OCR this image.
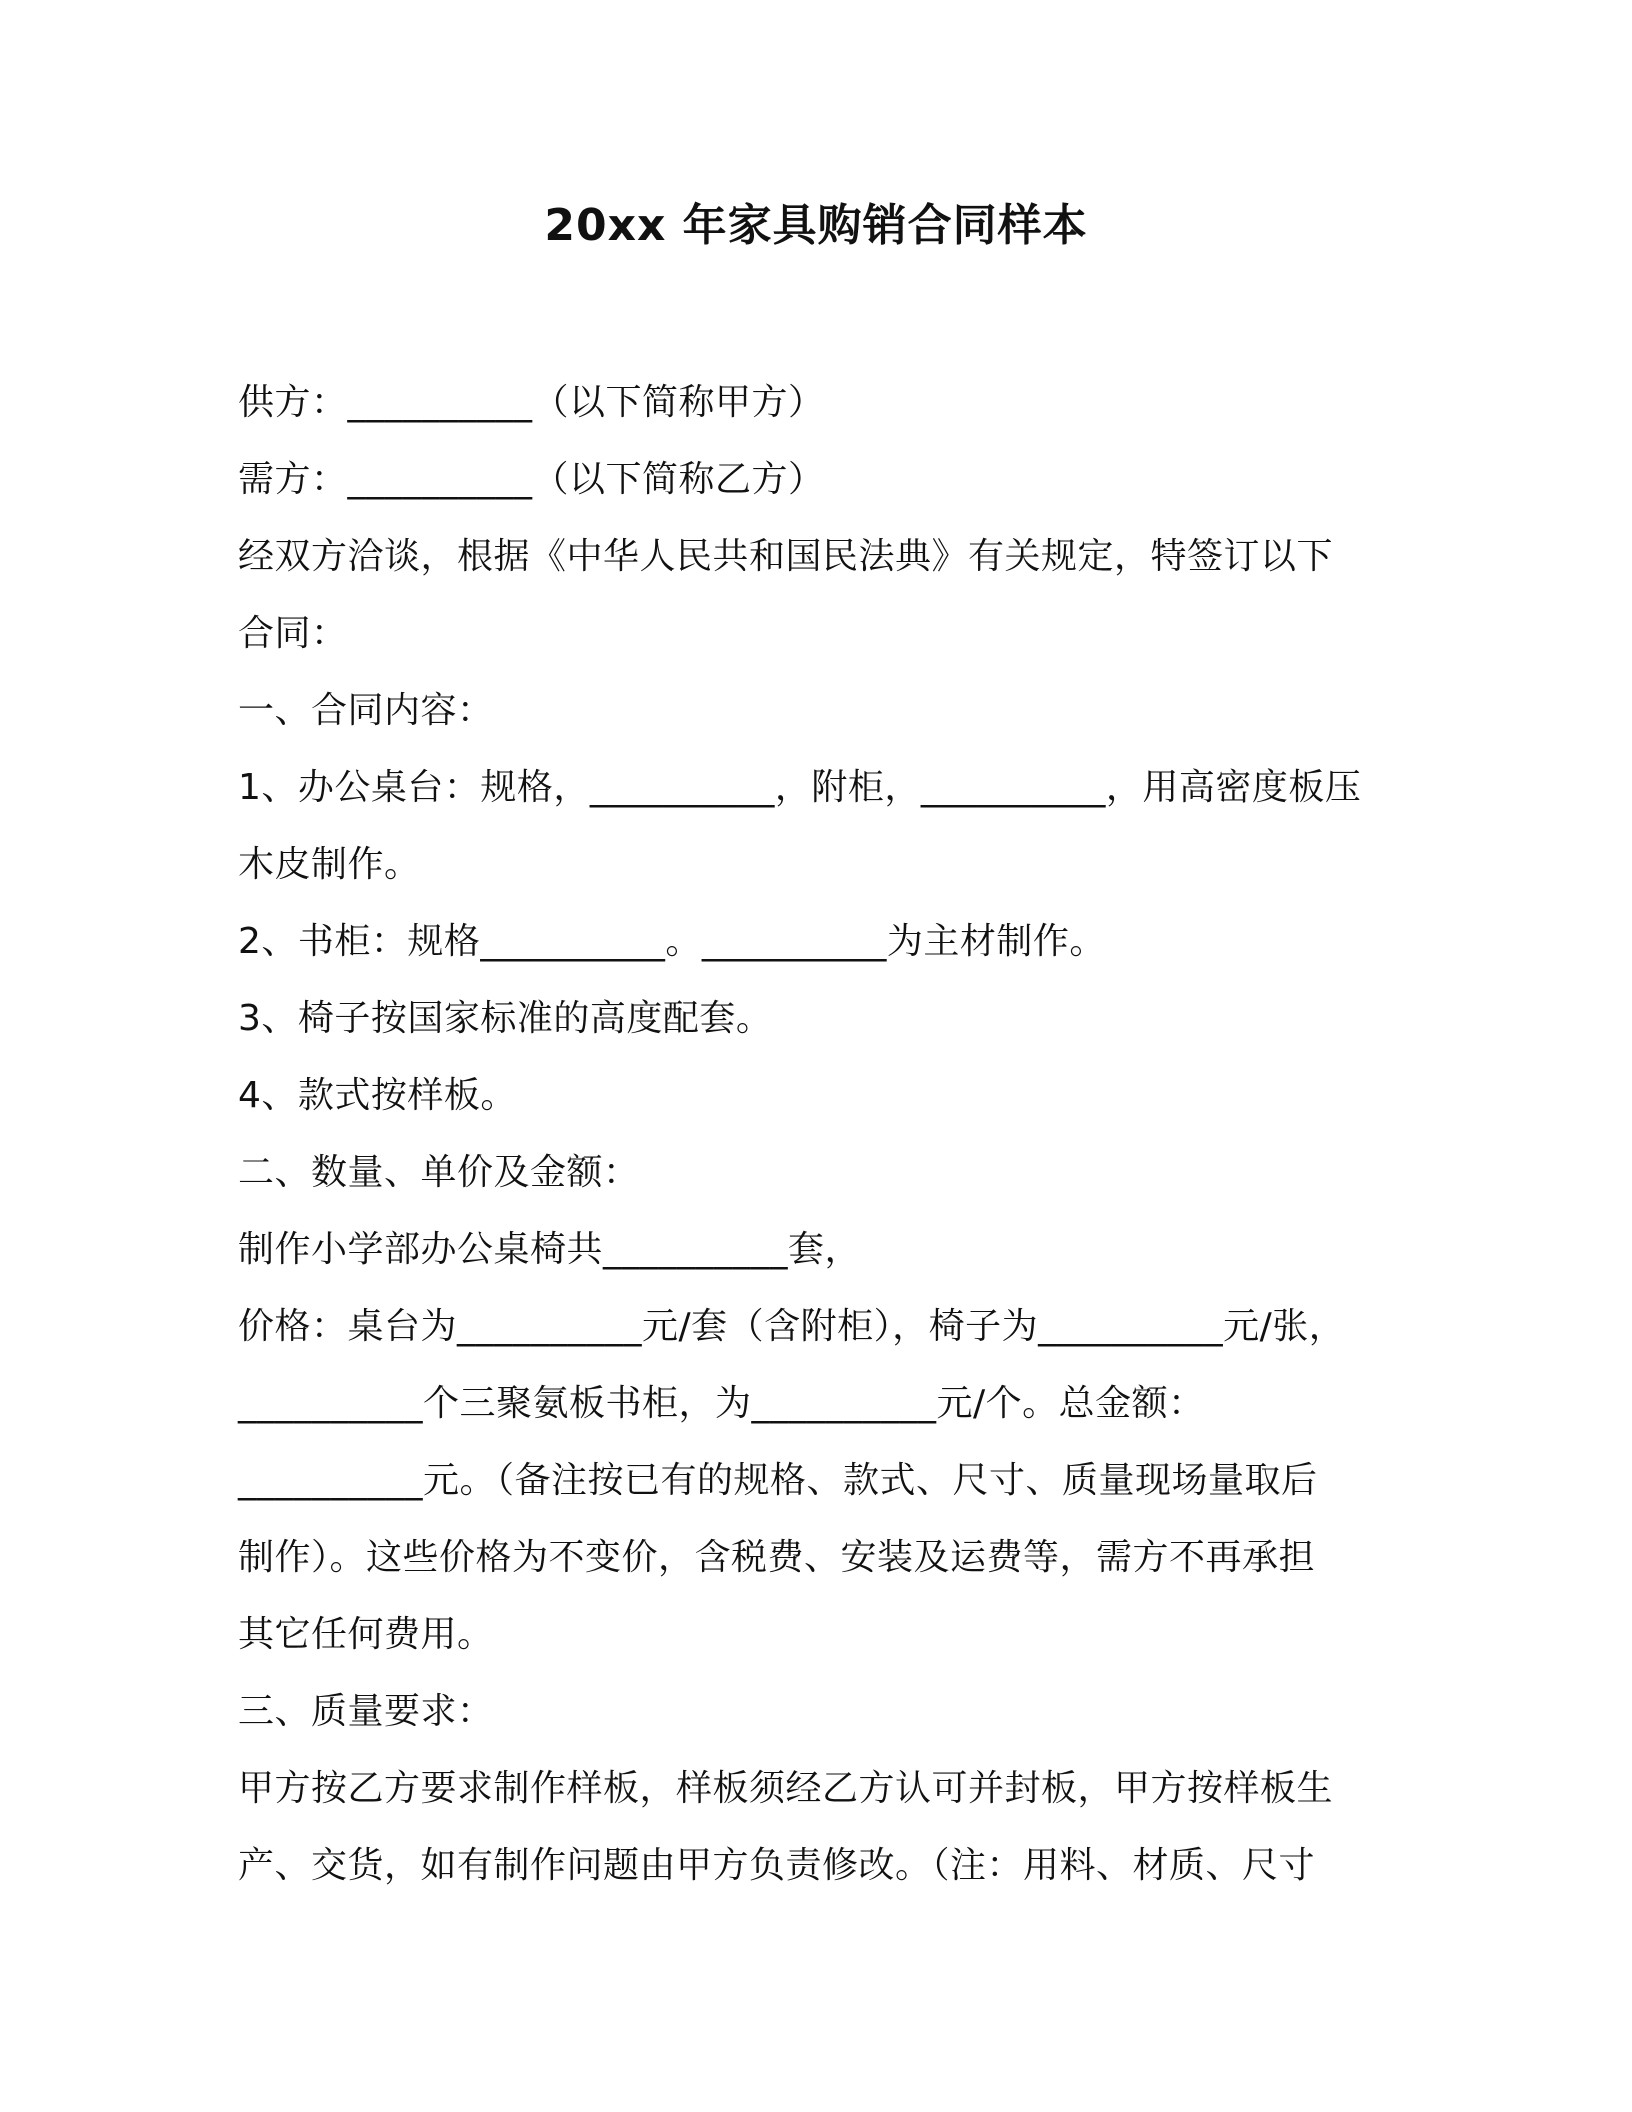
20xx 年家具购销合同样本
供方：__________（以下简称甲方）
需方：__________（以下简称乙方）
经双方洽谈，根据《中华人民共和国民法典》有关规定，特签订以下
合同：
一、合同内容：
1、办公桌台：规格，__________，附柜，__________，用高密度板压
木皮制作。
2、书柜：规格__________。__________为主材制作。
3、椅子按国家标准的高度配套。
4、款式按样板。
二、数量、单价及金额：
制作小学部办公桌椅共__________套，
价格：桌台为__________元/套（含附柜），椅子为__________元/张，
__________个三聚氨板书柜，为__________元/个。总金额：
__________元。（备注按已有的规格、款式、尺寸、质量现场量取后
制作）。这些价格为不变价，含税费、安装及运费等，需方不再承担
其它任何费用。
三、质量要求：
甲方按乙方要求制作样板，样板须经乙方认可并封板，甲方按样板生
产、交货，如有制作问题由甲方负责修改。（注：用料、材质、尺寸
